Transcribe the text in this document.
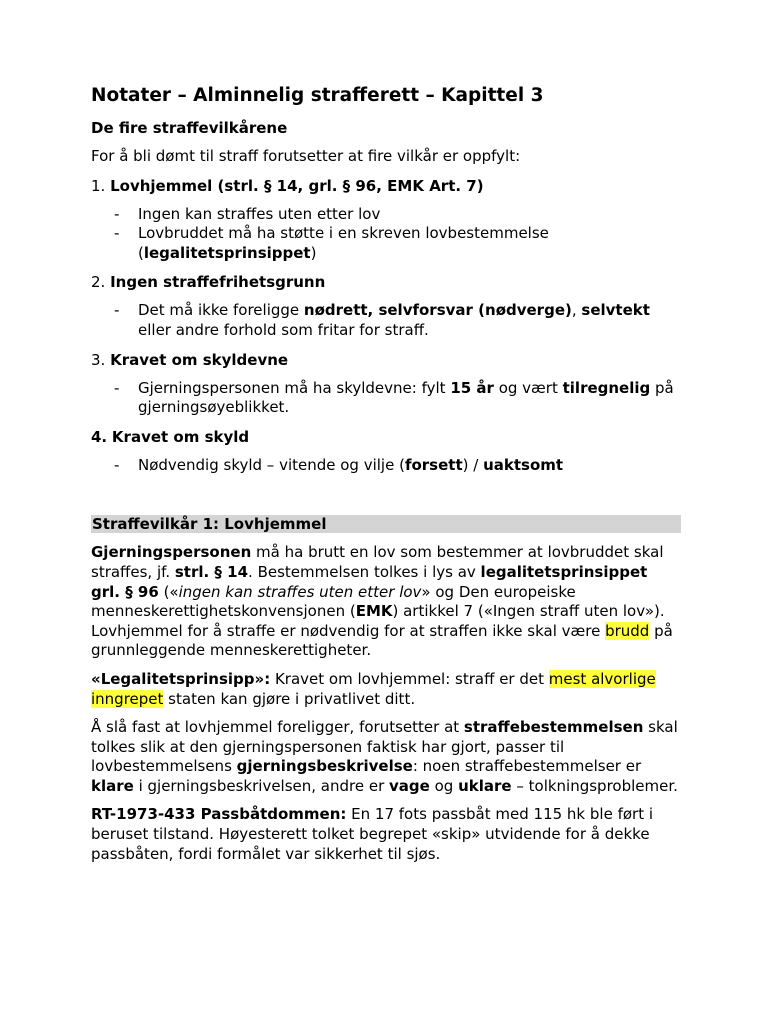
Notater – Alminnelig strafferett – Kapittel 3
De fire straffevilkårene

For å bli dømt til straff forutsetter at fire vilkår er oppfylt:

1. Lovhjemmel (strl. § 14, grl. § 96, EMK Art. 7)
- Ingen kan straffes uten etter lov
- Lovbruddet må ha støtte i en skreven lovbestemmelse (legalitetsprinsippet)
2. Ingen straffefrihetsgrunn
- Det må ikke foreligge nødrett, selvforsvar (nødverge), selvtekt eller andre forhold som fritar for straff.
3. Kravet om skyldevne
- Gjerningspersonen må ha skyldevne: fylt 15 år og vært tilregnelig på gjerningsøyeblikket.
4. Kravet om skyld
- Nødvendig skyld – vitende og vilje (forsett) / uaktsomt
Straffevilkår 1: Lovhjemmel

Gjerningspersonen må ha brutt en lov som bestemmer at lovbruddet skal straffes, jf. strl. § 14. Bestemmelsen tolkes i lys av legalitetsprinsippet grl. § 96 («ingen kan straffes uten etter lov» og Den europeiske menneskerettighetskonvensjonen (EMK) artikkel 7 («Ingen straff uten lov»). Lovhjemmel for å straffe er nødvendig for at straffen ikke skal være brudd på grunnleggende menneskerettigheter.

«Legalitetsprinsipp»: Kravet om lovhjemmel: straff er det mest alvorlige inngrepet staten kan gjøre i privatlivet ditt.

Å slå fast at lovhjemmel foreligger, forutsetter at straffebestemmelsen skal tolkes slik at den gjerningspersonen faktisk har gjort, passer til lovbestemmelsens gjerningsbeskrivelse: noen straffebestemmelser er klare i gjerningsbeskrivelsen, andre er vage og uklare – tolkningsproblemer.

RT-1973-433 Passbåtdommen: En 17 fots passbåt med 115 hk ble ført i beruset tilstand. Høyesterett tolket begrepet «skip» utvidende for å dekke passbåten, fordi formålet var sikkerhet til sjøs.
